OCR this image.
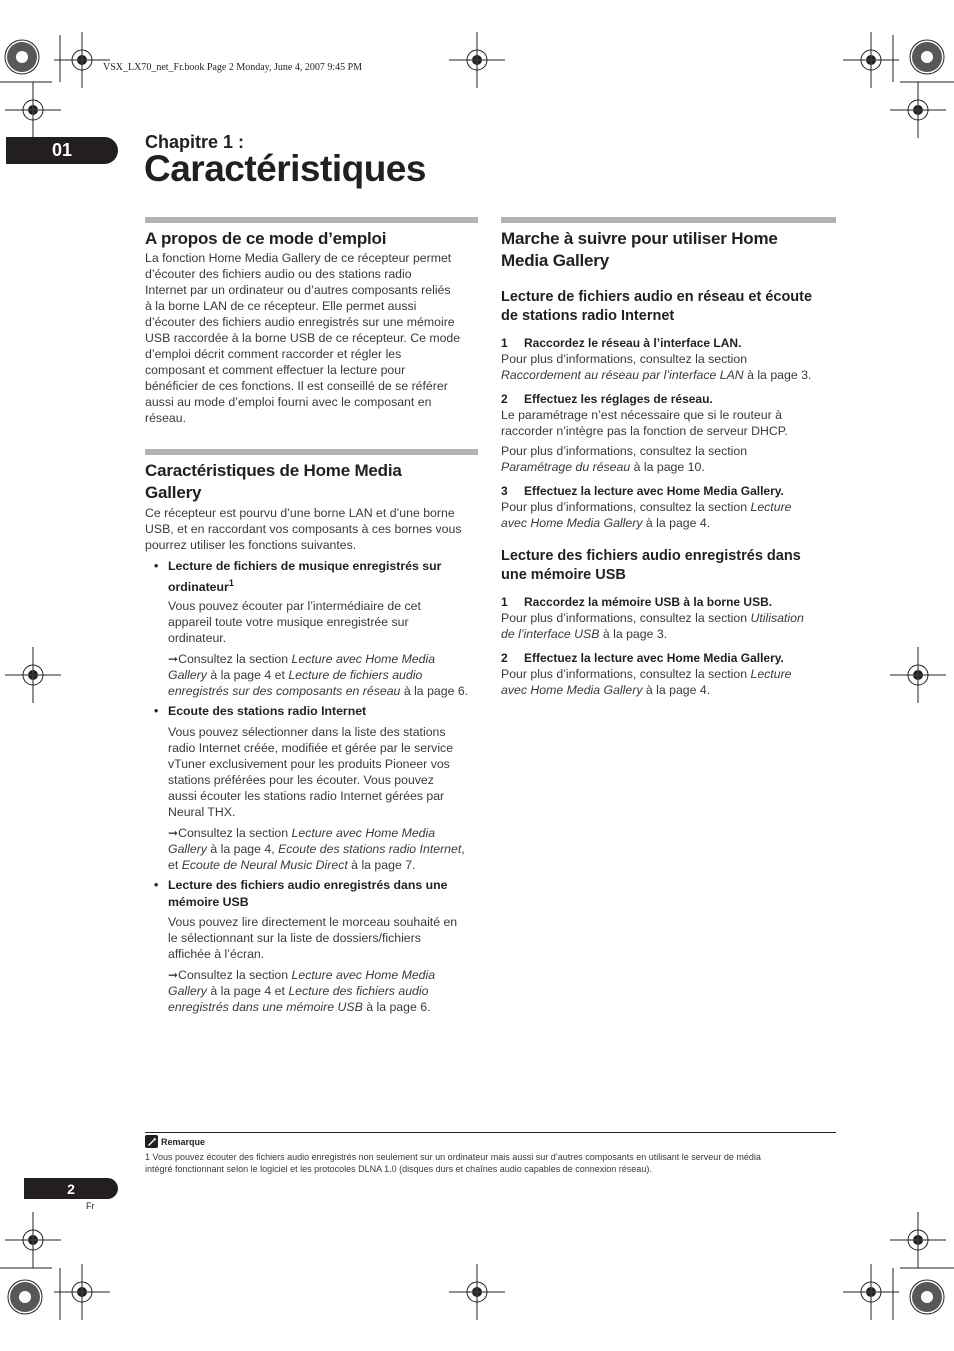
VSX_LX70_net_Fr.book Page 2 Monday, June 4, 2007 9:45 PM
01	Chapitre 1 :
Caractéristiques
A propos de ce mode d’emploi
La fonction Home Media Gallery de ce récepteur permet
d’écouter des fichiers audio ou des stations radio
Internet par un ordinateur ou d’autres composants reliés
à la borne LAN de ce récepteur. Elle permet aussi
d’écouter des fichiers audio enregistrés sur une mémoire
USB raccordée à la borne USB de ce récepteur. Ce mode
d’emploi décrit comment raccorder et régler les
composant et comment effectuer la lecture pour
bénéficier de ces fonctions. Il est conseillé de se référer
aussi au mode d’emploi fourni avec le composant en
réseau.
Caractéristiques de Home Media
Gallery
Ce récepteur est pourvu d’une borne LAN et d’une borne
USB, et en raccordant vos composants à ces bornes vous
pourrez utiliser les fonctions suivantes.
• Lecture de fichiers de musique enregistrés sur
ordinateur$^1$
Vous pouvez écouter par l’intermédiaire de cet
appareil toute votre musique enregistrée sur
ordinateur.
➞Consultez la section Lecture avec Home Media
Gallery à la page 4 et Lecture de fichiers audio
enregistrés sur des composants en réseau à la page 6.
• Ecoute des stations radio Internet
Vous pouvez sélectionner dans la liste des stations
radio Internet créée, modifiée et gérée par le service
vTuner exclusivement pour les produits Pioneer vos
stations préférées pour les écouter. Vous pouvez
aussi écouter les stations radio Internet gérées par
Neural THX.
➞Consultez la section Lecture avec Home Media
Gallery à la page 4, Ecoute des stations radio Internet,
et Ecoute de Neural Music Direct à la page 7.
• Lecture des fichiers audio enregistrés dans une
mémoire USB
Vous pouvez lire directement le morceau souhaité en
le sélectionnant sur la liste de dossiers/fichiers
affichée à l’écran.
➞Consultez la section Lecture avec Home Media
Gallery à la page 4 et Lecture des fichiers audio
enregistrés dans une mémoire USB à la page 6.
Marche à suivre pour utiliser Home
Media Gallery
Lecture de fichiers audio en réseau et écoute
de stations radio Internet
1 Raccordez le réseau à l’interface LAN.
Pour plus d’informations, consultez la section
Raccordement au réseau par l’interface LAN à la page 3.
2 Effectuez les réglages de réseau.
Le paramétrage n’est nécessaire que si le routeur à
raccorder n’intègre pas la fonction de serveur DHCP.
Pour plus d’informations, consultez la section
Paramétrage du réseau à la page 10.
3 Effectuez la lecture avec Home Media Gallery.
Pour plus d’informations, consultez la section Lecture
avec Home Media Gallery à la page 4.
Lecture des fichiers audio enregistrés dans
une mémoire USB
1 Raccordez la mémoire USB à la borne USB.
Pour plus d’informations, consultez la section Utilisation
de l’interface USB à la page 3.
2 Effectuez la lecture avec Home Media Gallery.
Pour plus d’informations, consultez la section Lecture
avec Home Media Gallery à la page 4.
Remarque
1 Vous pouvez écouter des fichiers audio enregistrés non seulement sur un ordinateur mais aussi sur d’autres composants en utilisant le serveur de média
intégré fonctionnant selon le logiciel et les protocoles DLNA 1.0 (disques durs et chaînes audio capables de connexion réseau).
2
Fr
